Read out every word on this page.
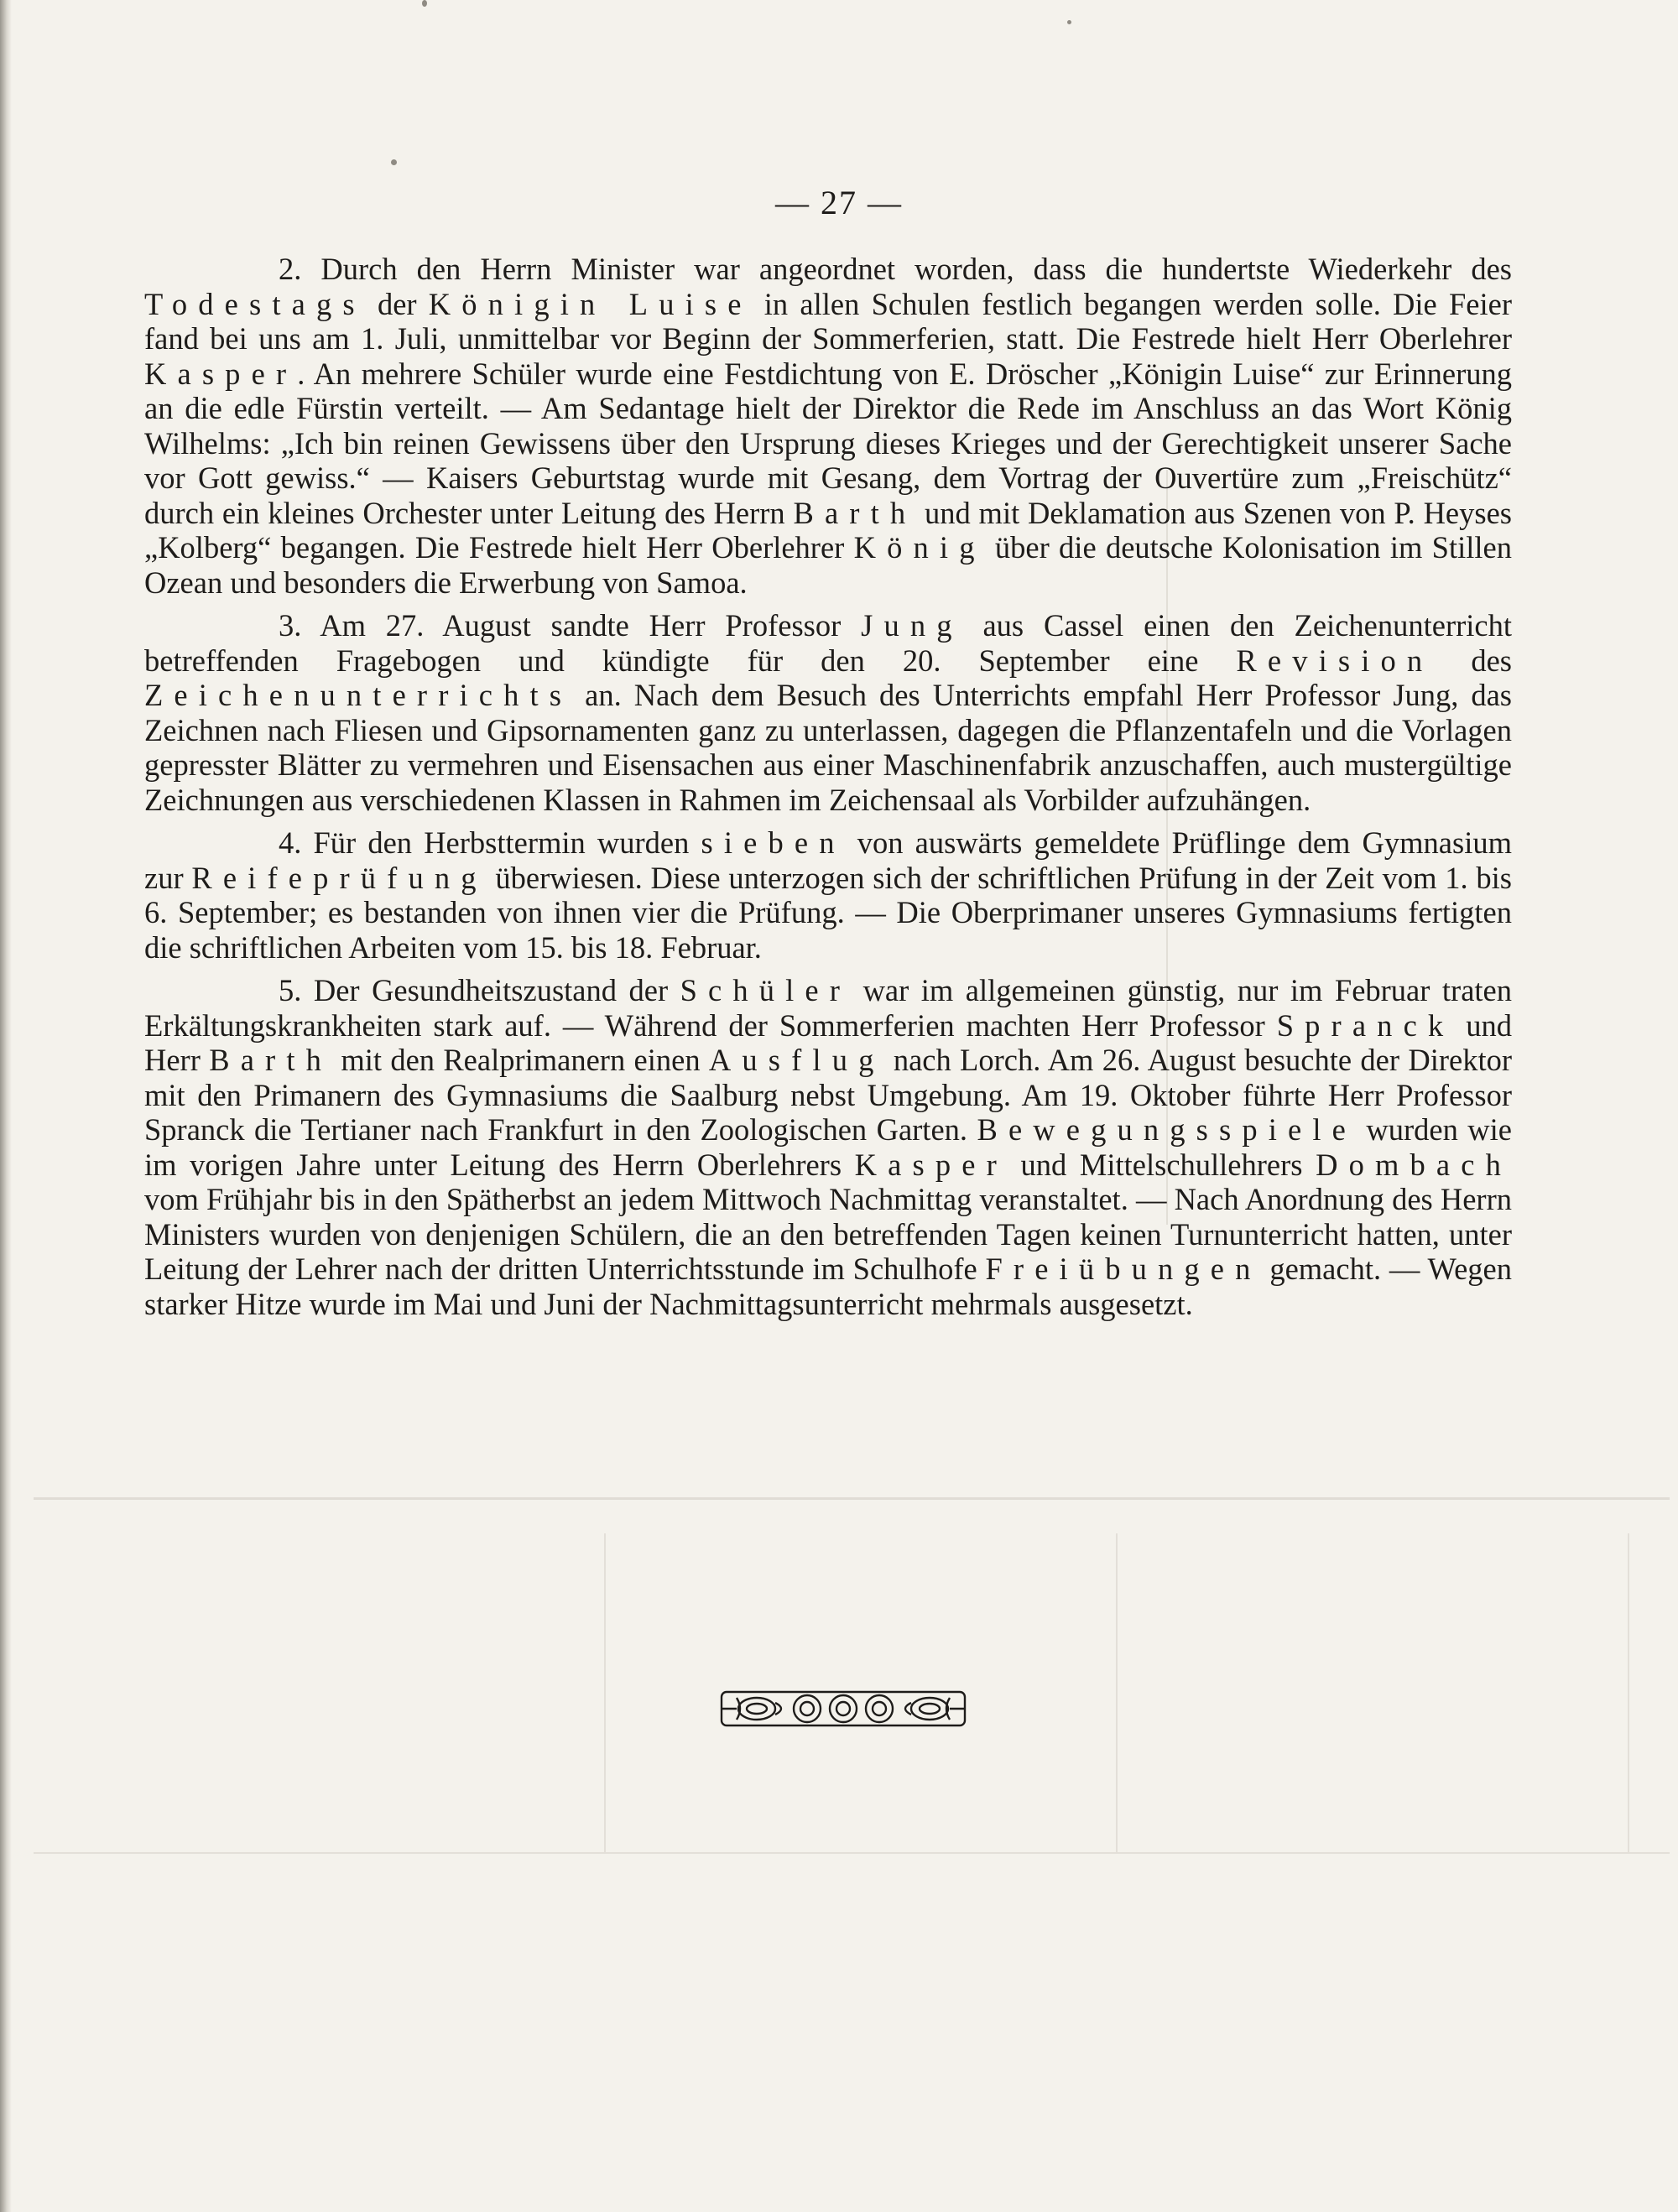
— 27 —

2. Durch den Herrn Minister war angeordnet worden, dass die hundertste Wiederkehr des Todestags der Königin Luise in allen Schulen festlich begangen werden solle. Die Feier fand bei uns am 1. Juli, unmittelbar vor Beginn der Sommerferien, statt. Die Festrede hielt Herr Oberlehrer Kasper. An mehrere Schüler wurde eine Festdichtung von E. Dröscher „Königin Luise“ zur Erinnerung an die edle Fürstin verteilt. — Am Sedantage hielt der Direktor die Rede im Anschluss an das Wort König Wilhelms: „Ich bin reinen Gewissens über den Ursprung dieses Krieges und der Gerechtigkeit unserer Sache vor Gott gewiss.“ — Kaisers Geburtstag wurde mit Gesang, dem Vortrag der Ouvertüre zum „Freischütz“ durch ein kleines Orchester unter Leitung des Herrn Barth und mit Deklamation aus Szenen von P. Heyses „Kolberg“ begangen. Die Festrede hielt Herr Oberlehrer König über die deutsche Kolonisation im Stillen Ozean und besonders die Erwerbung von Samoa.

3. Am 27. August sandte Herr Professor Jung aus Cassel einen den Zeichenunterricht betreffenden Fragebogen und kündigte für den 20. September eine Revision des Zeichenunterrichts an. Nach dem Besuch des Unterrichts empfahl Herr Professor Jung, das Zeichnen nach Fliesen und Gipsornamenten ganz zu unterlassen, dagegen die Pflanzentafeln und die Vorlagen gepresster Blätter zu vermehren und Eisensachen aus einer Maschinenfabrik anzuschaffen, auch mustergültige Zeichnungen aus verschiedenen Klassen in Rahmen im Zeichensaal als Vorbilder aufzuhängen.

4. Für den Herbsttermin wurden sieben von auswärts gemeldete Prüflinge dem Gymnasium zur Reifeprüfung überwiesen. Diese unterzogen sich der schriftlichen Prüfung in der Zeit vom 1. bis 6. September; es bestanden von ihnen vier die Prüfung. — Die Oberprimaner unseres Gymnasiums fertigten die schriftlichen Arbeiten vom 15. bis 18. Februar.

5. Der Gesundheitszustand der Schüler war im allgemeinen günstig, nur im Februar traten Erkältungskrankheiten stark auf. — Während der Sommerferien machten Herr Professor Spranck und Herr Barth mit den Realprimanern einen Ausflug nach Lorch. Am 26. August besuchte der Direktor mit den Primanern des Gymnasiums die Saalburg nebst Umgebung. Am 19. Oktober führte Herr Professor Spranck die Tertianer nach Frankfurt in den Zoologischen Garten. Bewegungsspiele wurden wie im vorigen Jahre unter Leitung des Herrn Oberlehrers Kasper und Mittelschullehrers Dombach vom Frühjahr bis in den Spätherbst an jedem Mittwoch Nachmittag veranstaltet. — Nach Anordnung des Herrn Ministers wurden von denjenigen Schülern, die an den betreffenden Tagen keinen Turnunterricht hatten, unter Leitung der Lehrer nach der dritten Unterrichtsstunde im Schulhofe Freiübungen gemacht. — Wegen starker Hitze wurde im Mai und Juni der Nachmittagsunterricht mehrmals ausgesetzt.
